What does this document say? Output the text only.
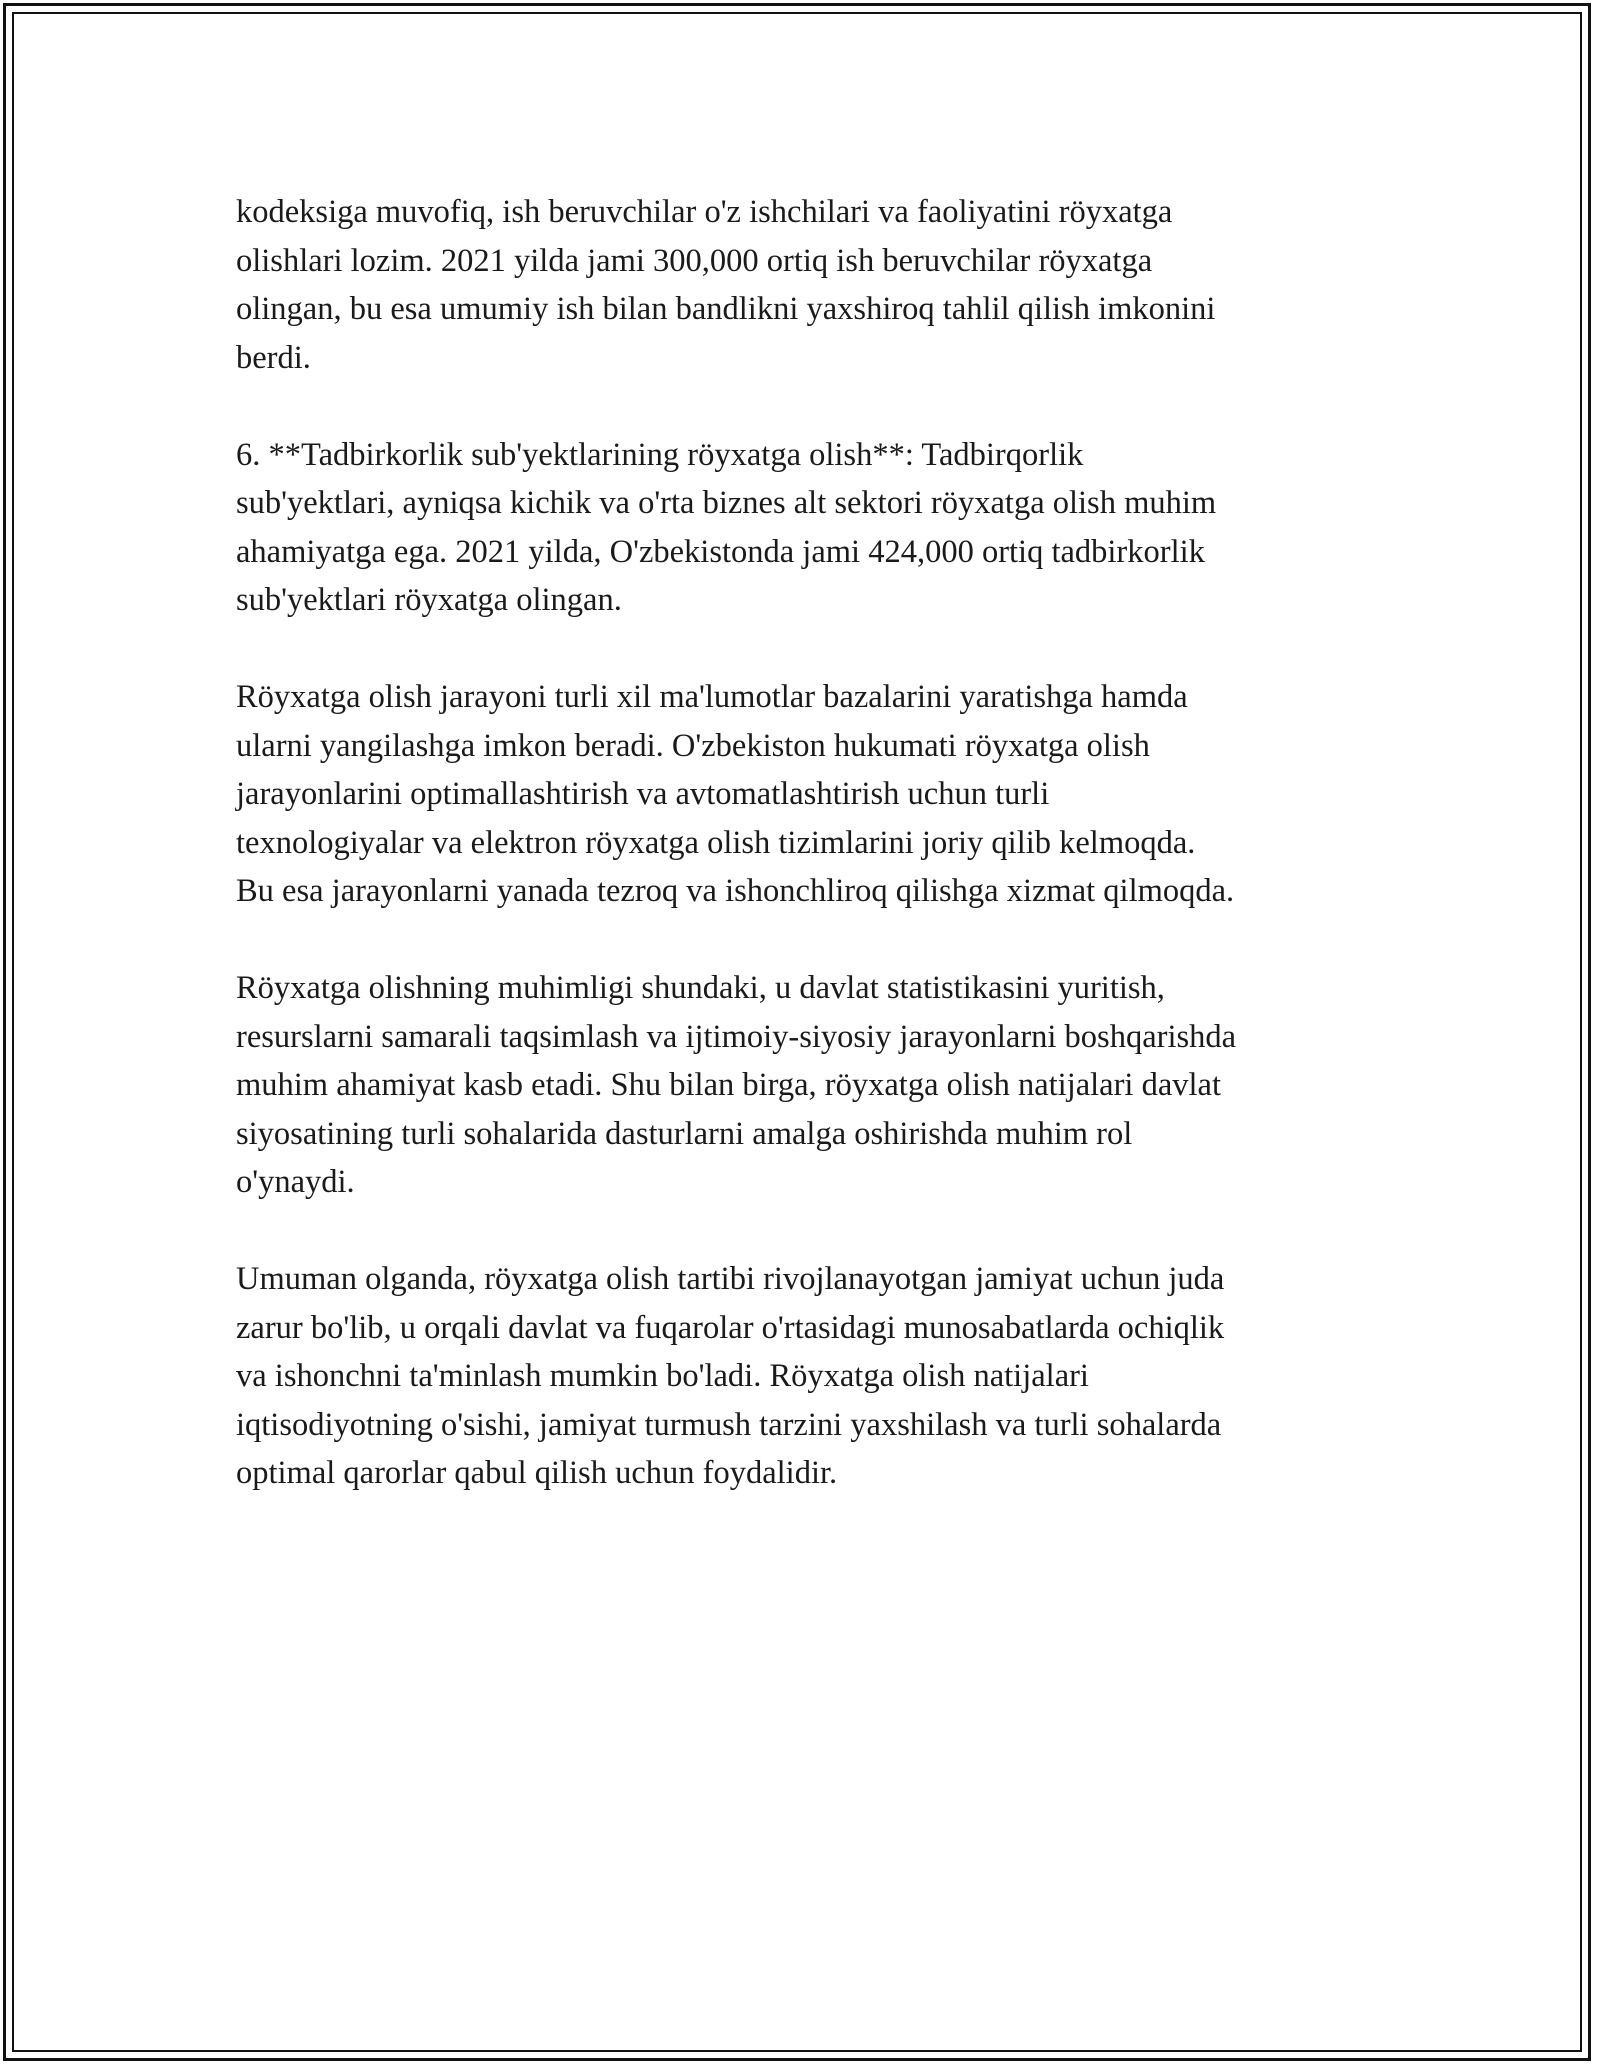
kodeksiga muvofiq, ish beruvchilar o'z ishchilari va faoliyatini röyxatga
olishlari lozim. 2021 yilda jami 300,000 ortiq ish beruvchilar röyxatga
olingan, bu esa umumiy ish bilan bandlikni yaxshiroq tahlil qilish imkonini
berdi.

6. **Tadbirkorlik sub'yektlarining röyxatga olish**: Tadbirqorlik
sub'yektlari, ayniqsa kichik va o'rta biznes alt sektori röyxatga olish muhim
ahamiyatga ega. 2021 yilda, O'zbekistonda jami 424,000 ortiq tadbirkorlik
sub'yektlari röyxatga olingan.

Röyxatga olish jarayoni turli xil ma'lumotlar bazalarini yaratishga hamda
ularni yangilashga imkon beradi. O'zbekiston hukumati röyxatga olish
jarayonlarini optimallashtirish va avtomatlashtirish uchun turli
texnologiyalar va elektron röyxatga olish tizimlarini joriy qilib kelmoqda.
Bu esa jarayonlarni yanada tezroq va ishonchliroq qilishga xizmat qilmoqda.

Röyxatga olishning muhimligi shundaki, u davlat statistikasini yuritish,
resurslarni samarali taqsimlash va ijtimoiy-siyosiy jarayonlarni boshqarishda
muhim ahamiyat kasb etadi. Shu bilan birga, röyxatga olish natijalari davlat
siyosatining turli sohalarida dasturlarni amalga oshirishda muhim rol
o'ynaydi.

Umuman olganda, röyxatga olish tartibi rivojlanayotgan jamiyat uchun juda
zarur bo'lib, u orqali davlat va fuqarolar o'rtasidagi munosabatlarda ochiqlik
va ishonchni ta'minlash mumkin bo'ladi. Röyxatga olish natijalari
iqtisodiyotning o'sishi, jamiyat turmush tarzini yaxshilash va turli sohalarda
optimal qarorlar qabul qilish uchun foydalidir.
